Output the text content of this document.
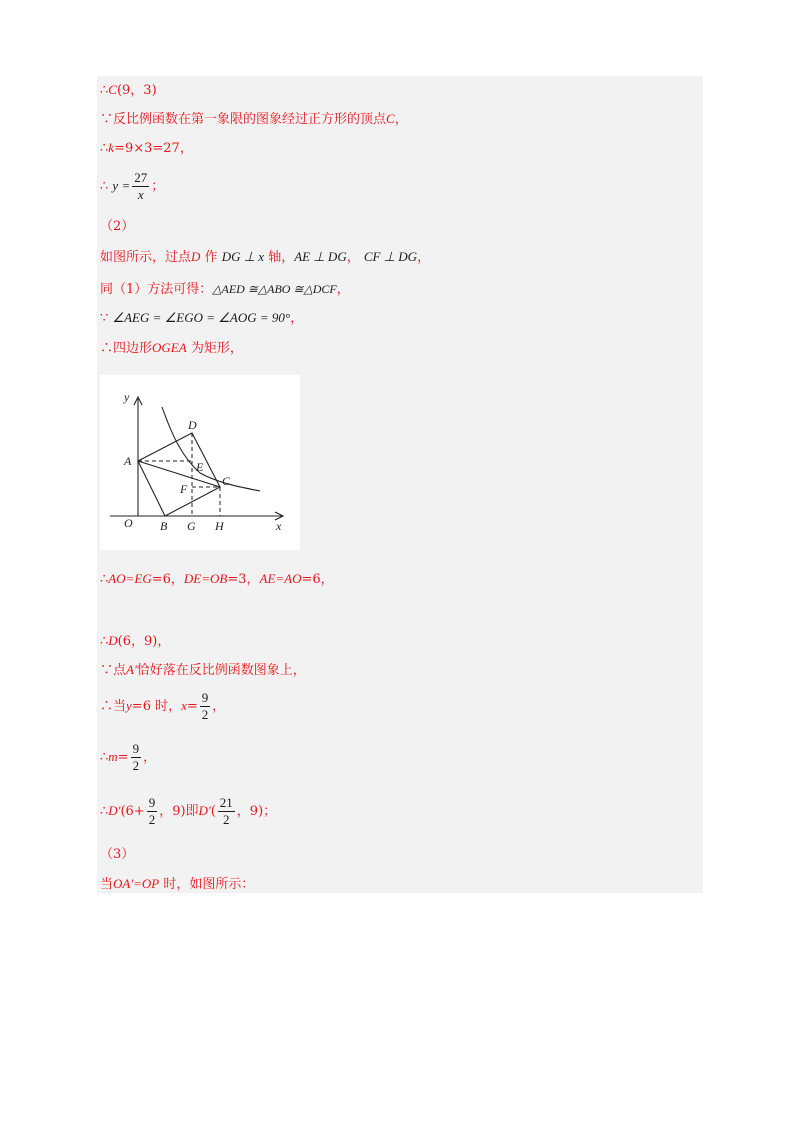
∴C(9，3)
∵反比例函数在第一象限的图象经过正方形的顶点C，
∴k=9×3=27，
∴ $y = \frac{27}{x}$ ；
（2）
如图所示，过点D 作 DG ⊥ x 轴，AE ⊥ DG， CF ⊥ DG，
同（1）方法可得：△AED ≅△ABO ≅△DCF，
∵ ∠AEG = ∠EGO = ∠AOG = 90°，
∴四边形OGEA 为矩形，
y
x
O
A
B
D
E
F
C
G H
∴AO=EG=6，DE=OB=3，AE=AO=6，
∴D(6，9)，
∵点A'恰好落在反比例函数图象上，
∴当y=6 时，$x= \frac{9}{2}$ ，
∴m= $\frac{9}{2}$ ，
∴D'(6+ $\frac{9}{2}$ ，9)即$D'( \frac{21}{2}$ ，9)；
（3）
当OA'=OP 时，如图所示：
